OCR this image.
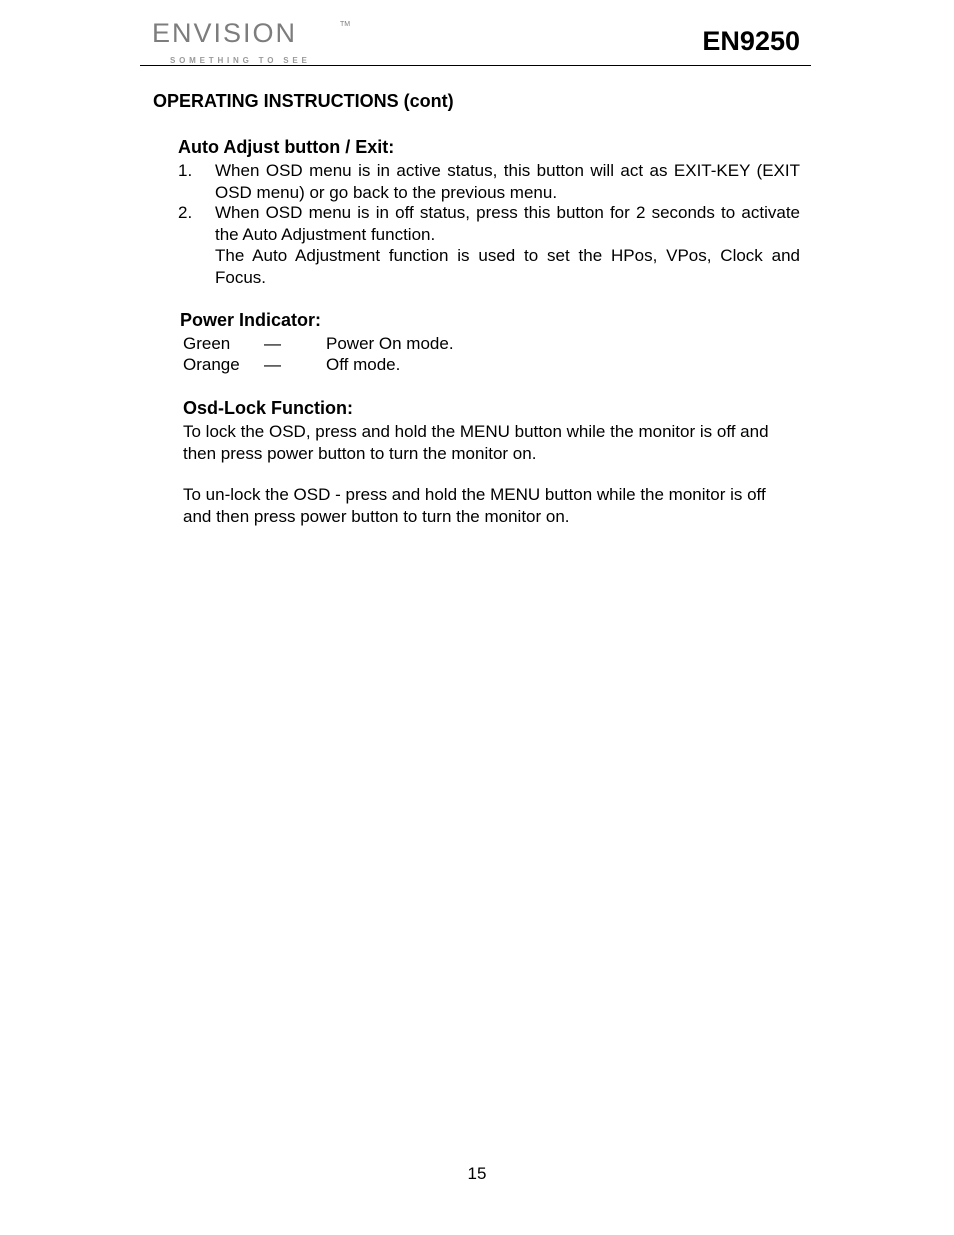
ENVISION	TM
SOMETHING TO SEE
EN9250
OPERATING INSTRUCTIONS (cont)
Auto Adjust button / Exit:
1. When OSD menu is in active status, this button will act as EXIT-KEY (EXIT OSD menu) or go back to the previous menu.
2. When OSD menu is in off status, press this button for 2 seconds to activate the Auto Adjustment function.
The Auto Adjustment function is used to set the HPos, VPos, Clock and Focus.
Power Indicator:
Green —	Power On mode.
Orange —	Off mode.
Osd-Lock Function:
To lock the OSD, press and hold the MENU button while the monitor is off and then press power button to turn the monitor on.
To un-lock the OSD - press and hold the MENU button while the monitor is off and then press power button to turn the monitor on.
15
